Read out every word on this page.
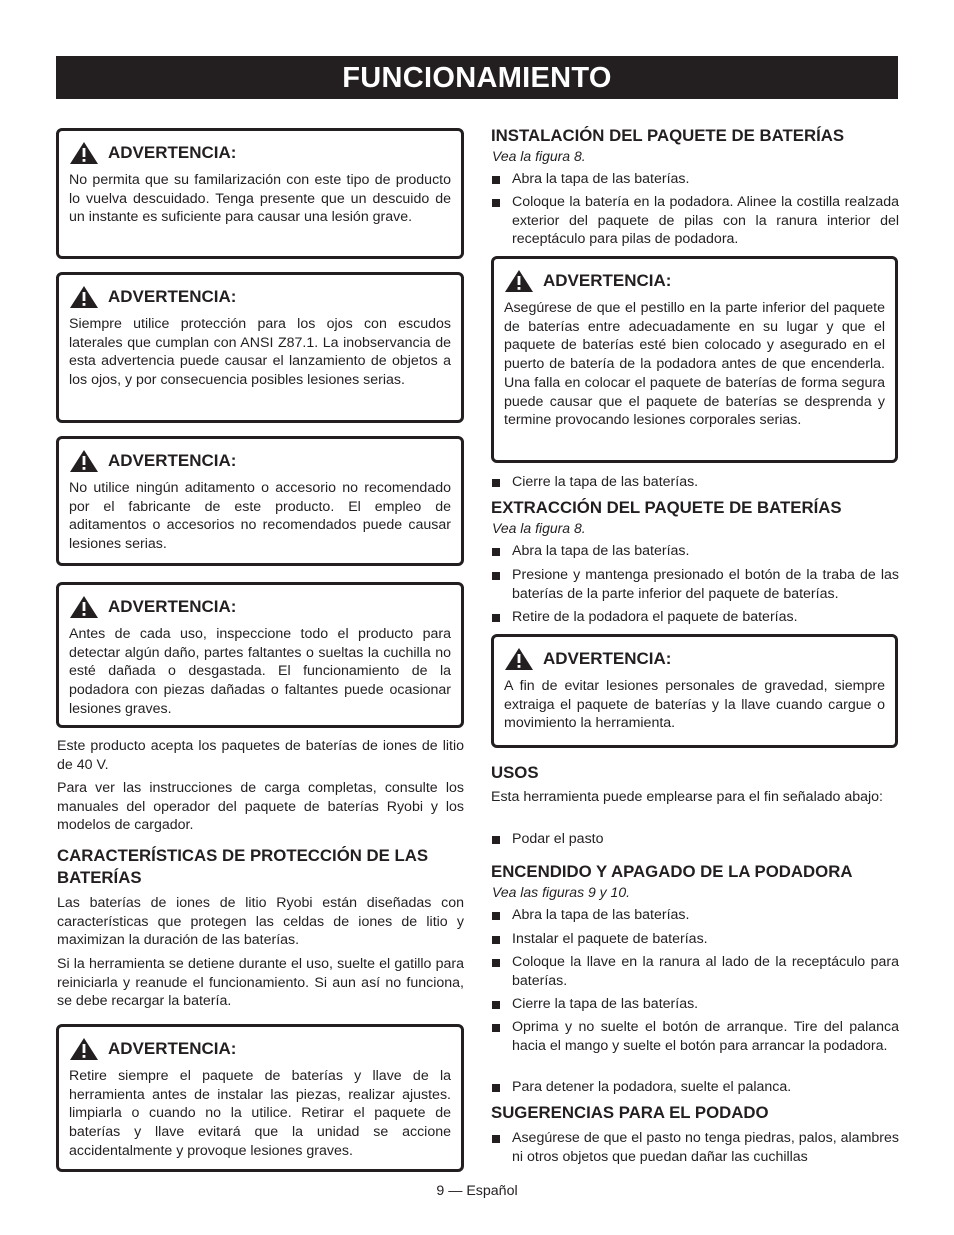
FUNCIONAMIENTO
ADVERTENCIA:
No permita que su familarización con este tipo de producto lo vuelva descuidado. Tenga presente que un descuido de un instante es suficiente para causar una lesión grave.
ADVERTENCIA:
Siempre utilice protección para los ojos con escudos laterales que cumplan con ANSI Z87.1. La inobservancia de esta advertencia puede causar el lanzamiento de objetos a los ojos, y por consecuencia posibles lesiones serias.
ADVERTENCIA:
No utilice ningún aditamento o accesorio no recomendado por el fabricante de este producto. El empleo de aditamentos o accesorios no recomendados puede causar lesiones serias.
ADVERTENCIA:
Antes de cada uso, inspeccione todo el producto para detectar algún daño, partes faltantes o sueltas la cuchilla no esté dañada o desgastada. El funcionamiento de la podadora con piezas dañadas o faltantes puede ocasionar lesiones graves.
Este producto acepta los paquetes de baterías de iones de litio de 40 V.
Para ver las instrucciones de carga completas, consulte los manuales del operador del paquete de baterías Ryobi y los modelos de cargador.
CARACTERÍSTICAS DE PROTECCIÓN DE LAS BATERÍAS
Las baterías de iones de litio Ryobi están diseñadas con características que protegen las celdas de iones de litio y maximizan la duración de las baterías.
Si la herramienta se detiene durante el uso, suelte el gatillo para reiniciarla y reanude el funcionamiento. Si aun así no funciona, se debe recargar la batería.
ADVERTENCIA:
Retire siempre el paquete de baterías y llave de la herramienta antes de instalar las piezas, realizar ajustes. limpiarla o cuando no la utilice. Retirar el paquete de baterías y llave evitará que la unidad se accione accidentalmente y provoque lesiones graves.
INSTALACIÓN DEL PAQUETE DE BATERÍAS
Vea la figura 8.
Abra la tapa de las baterías.
Coloque la batería en la podadora. Alinee la costilla realzada exterior del paquete de pilas con la ranura interior del receptáculo para pilas de podadora.
ADVERTENCIA:
Asegúrese de que el pestillo en la parte inferior del paquete de baterías entre adecuadamente en su lugar y que el paquete de baterías esté bien colocado y asegurado en el puerto de batería de la podadora antes de que encenderla. Una falla en colocar el paquete de baterías de forma segura puede causar que el paquete de baterías se desprenda y termine provocando lesiones corporales serias.
Cierre la tapa de las baterías.
EXTRACCIÓN DEL PAQUETE DE BATERÍAS
Vea la figura 8.
Abra la tapa de las baterías.
Presione y mantenga presionado el botón de la traba de las baterías de la parte inferior del paquete de baterías.
Retire de la podadora el paquete de baterías.
ADVERTENCIA:
A fin de evitar lesiones personales de gravedad, siempre extraiga el paquete de baterías y la llave cuando cargue o movimiento la herramienta.
USOS
Esta herramienta puede emplearse para el fin señalado abajo:
Podar el pasto
ENCENDIDO Y APAGADO DE LA PODADORA
Vea las figuras 9 y 10.
Abra la tapa de las baterías.
Instalar el paquete de baterías.
Coloque la llave en la ranura al lado de la receptáculo para baterías.
Cierre la tapa de las baterías.
Oprima y no suelte el botón de arranque. Tire del palanca hacia el mango y suelte el botón para arrancar la podadora.
Para detener la podadora, suelte el palanca.
SUGERENCIAS PARA EL PODADO
Asegúrese de que el pasto no tenga piedras, palos, alambres ni otros objetos que puedan dañar las cuchillas
9 — Español
